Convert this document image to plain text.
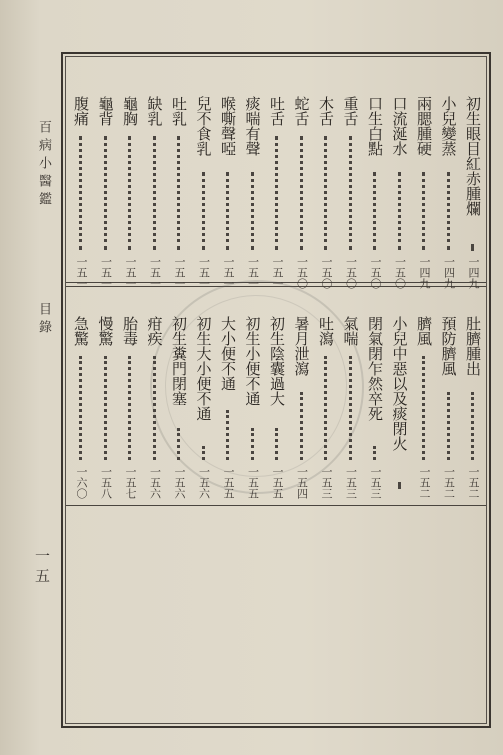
百病小醫鑑
目錄
一五
初生眼目紅赤腫爛
一四九
小兒變蒸
一四九
兩腮腫硬
一四九
口流涎水
一五〇
口生白點
一五〇
重舌
一五〇
木舌
一五〇
蛇舌
一五〇
吐舌
一五一
痰喘有聲
一五一
喉嘶聲啞
一五一
兒不食乳
一五一
吐乳
一五一
缺乳
一五一
龜胸
一五一
龜背
一五一
腹痛
一五一
肚臍腫出
一五二
預防臍風
一五二
臍風
一五二
小兒中惡以及痰閉火
閉氣閉乍然卒死
一五三
氣喘
一五三
吐瀉
一五三
暑月泄瀉
一五四
初生陰囊過大
一五五
初生小便不通
一五五
大小便不通
一五五
初生大小便不通
一五六
初生糞門閉塞
一五六
疳疾
一五六
胎毒
一五七
慢驚
一五八
急驚
一六〇
